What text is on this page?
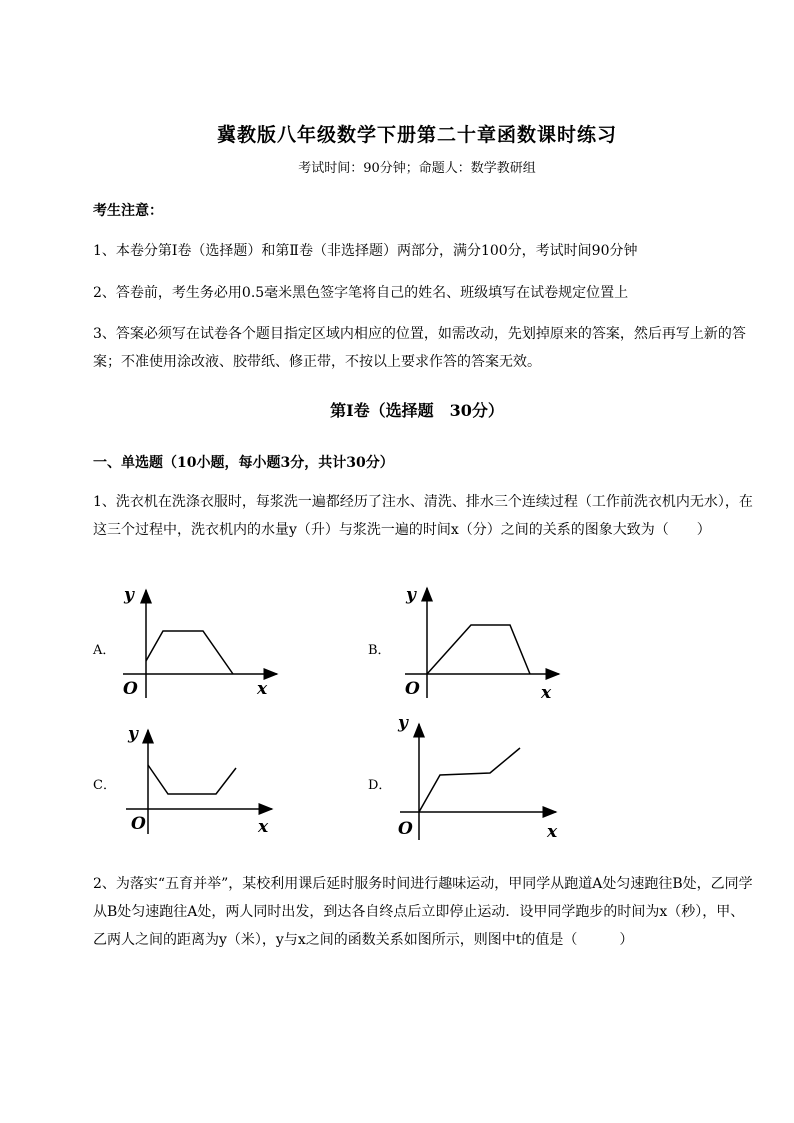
冀教版八年级数学下册第二十章函数课时练习
考试时间：90分钟；命题人：数学教研组
考生注意：
1、本卷分第Ⅰ卷（选择题）和第Ⅱ卷（非选择题）两部分，满分100分，考试时间90分钟
2、答卷前，考生务必用0.5毫米黑色签字笔将自己的姓名、班级填写在试卷规定位置上
3、答案必须写在试卷各个题目指定区域内相应的位置，如需改动，先划掉原来的答案，然后再写上新的答案；不准使用涂改液、胶带纸、修正带，不按以上要求作答的答案无效。
第Ⅰ卷（选择题　30分）
一、单选题（10小题，每小题3分，共计30分）
1、洗衣机在洗涤衣服时，每浆洗一遍都经历了注水、清洗、排水三个连续过程（工作前洗衣机内无水），在这三个过程中，洗衣机内的水量y（升）与浆洗一遍的时间x（分）之间的关系的图象大致为（　　）
A．
y
x
O
B．
y
x
O
C．
y
x
O
D．
y
x
O
2、为落实“五育并举”，某校利用课后延时服务时间进行趣味运动，甲同学从跑道A处匀速跑往B处，乙同学从B处匀速跑往A处，两人同时出发，到达各自终点后立即停止运动．设甲同学跑步的时间为x（秒），甲、乙两人之间的距离为y（米），y与x之间的函数关系如图所示，则图中t的值是（　　　）
